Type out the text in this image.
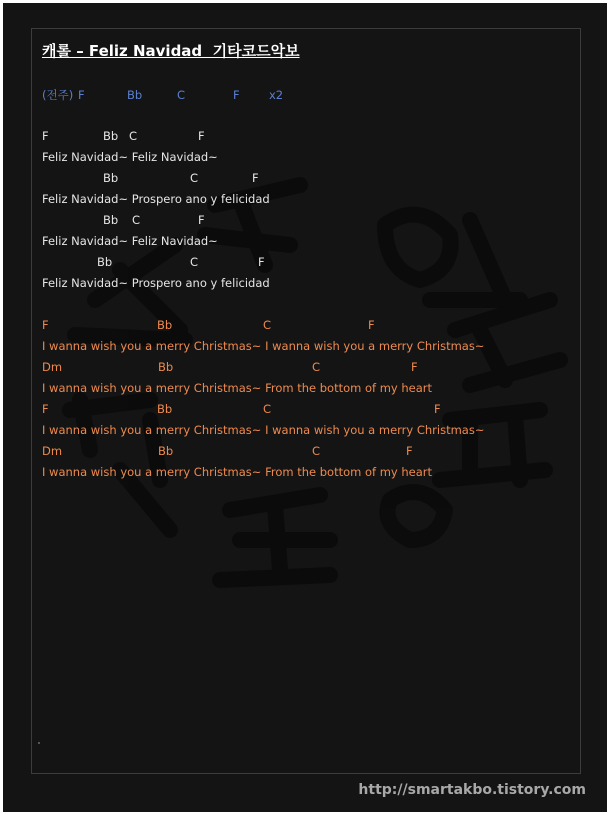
캐롤 – Feliz Navidad  기타코드악보
(전주) F	Bb	C	F	x2
F	Bb C	F
Feliz Navidad~ Feliz Navidad~
Bb	C	F
Feliz Navidad~ Prospero ano y felicidad
Bb C	F
Feliz Navidad~ Feliz Navidad~
Bb	C	F
Feliz Navidad~ Prospero ano y felicidad
F	Bb	C	F
I wanna wish you a merry Christmas~ I wanna wish you a merry Christmas~
Dm	Bb	C	F
I wanna wish you a merry Christmas~ From the bottom of my heart
F	Bb	C	F
I wanna wish you a merry Christmas~ I wanna wish you a merry Christmas~
Dm	Bb	C	F
I wanna wish you a merry Christmas~ From the bottom of my heart
http://smartakbo.tistory.com
